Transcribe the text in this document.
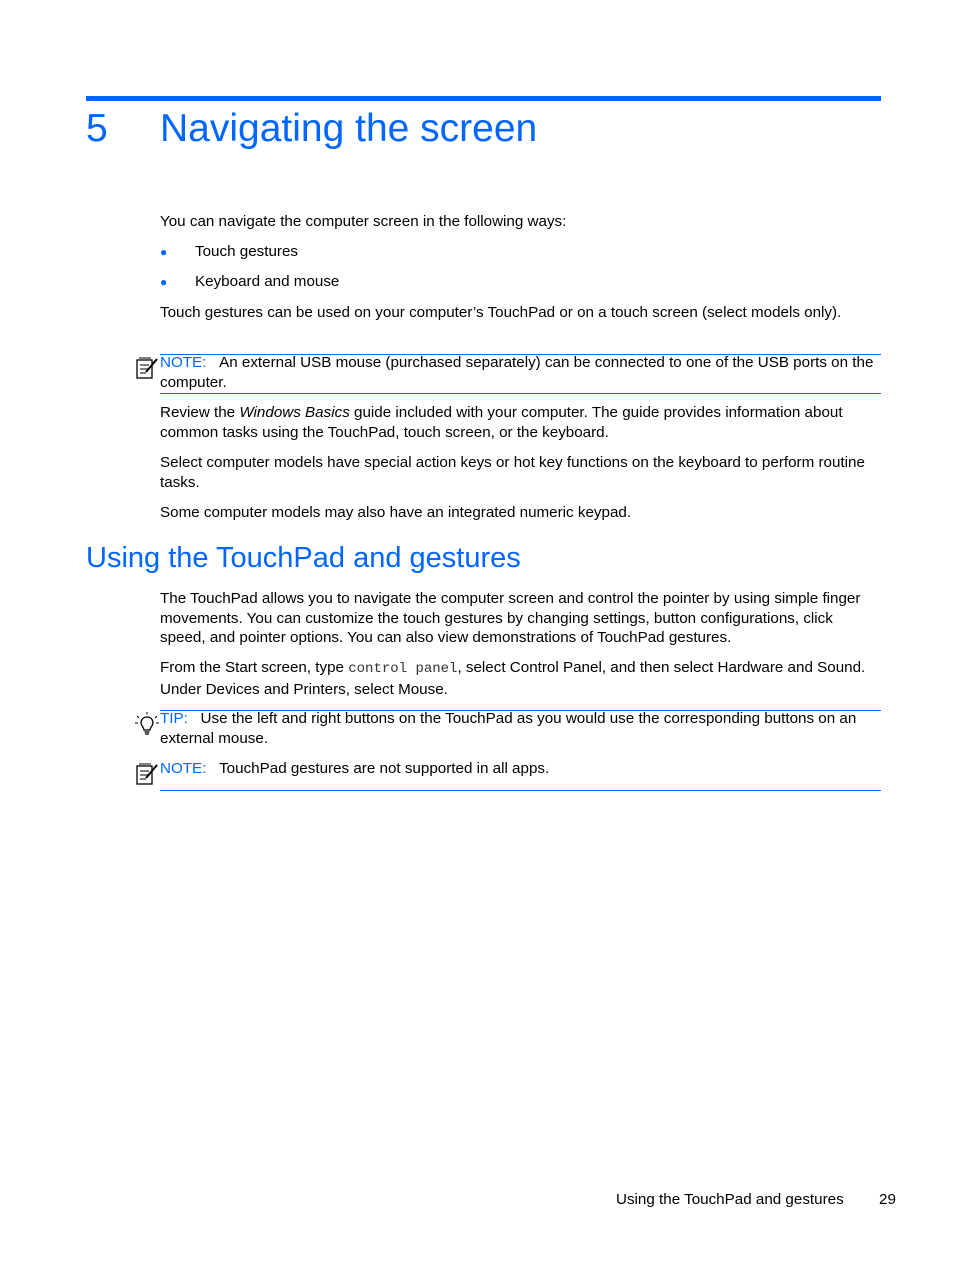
5 Navigating the screen

You can navigate the computer screen in the following ways:

● Touch gestures
● Keyboard and mouse

Touch gestures can be used on your computer’s TouchPad or on a touch screen (select models only).

NOTE: An external USB mouse (purchased separately) can be connected to one of the USB ports on the computer.

Review the Windows Basics guide included with your computer. The guide provides information about common tasks using the TouchPad, touch screen, or the keyboard.

Select computer models have special action keys or hot key functions on the keyboard to perform routine tasks.

Some computer models may also have an integrated numeric keypad.

Using the TouchPad and gestures

The TouchPad allows you to navigate the computer screen and control the pointer by using simple finger movements. You can customize the touch gestures by changing settings, button configurations, click speed, and pointer options. You can also view demonstrations of TouchPad gestures.

From the Start screen, type control panel, select Control Panel, and then select Hardware and Sound. Under Devices and Printers, select Mouse.

TIP: Use the left and right buttons on the TouchPad as you would use the corresponding buttons on an external mouse.

NOTE: TouchPad gestures are not supported in all apps.

Using the TouchPad and gestures 29
